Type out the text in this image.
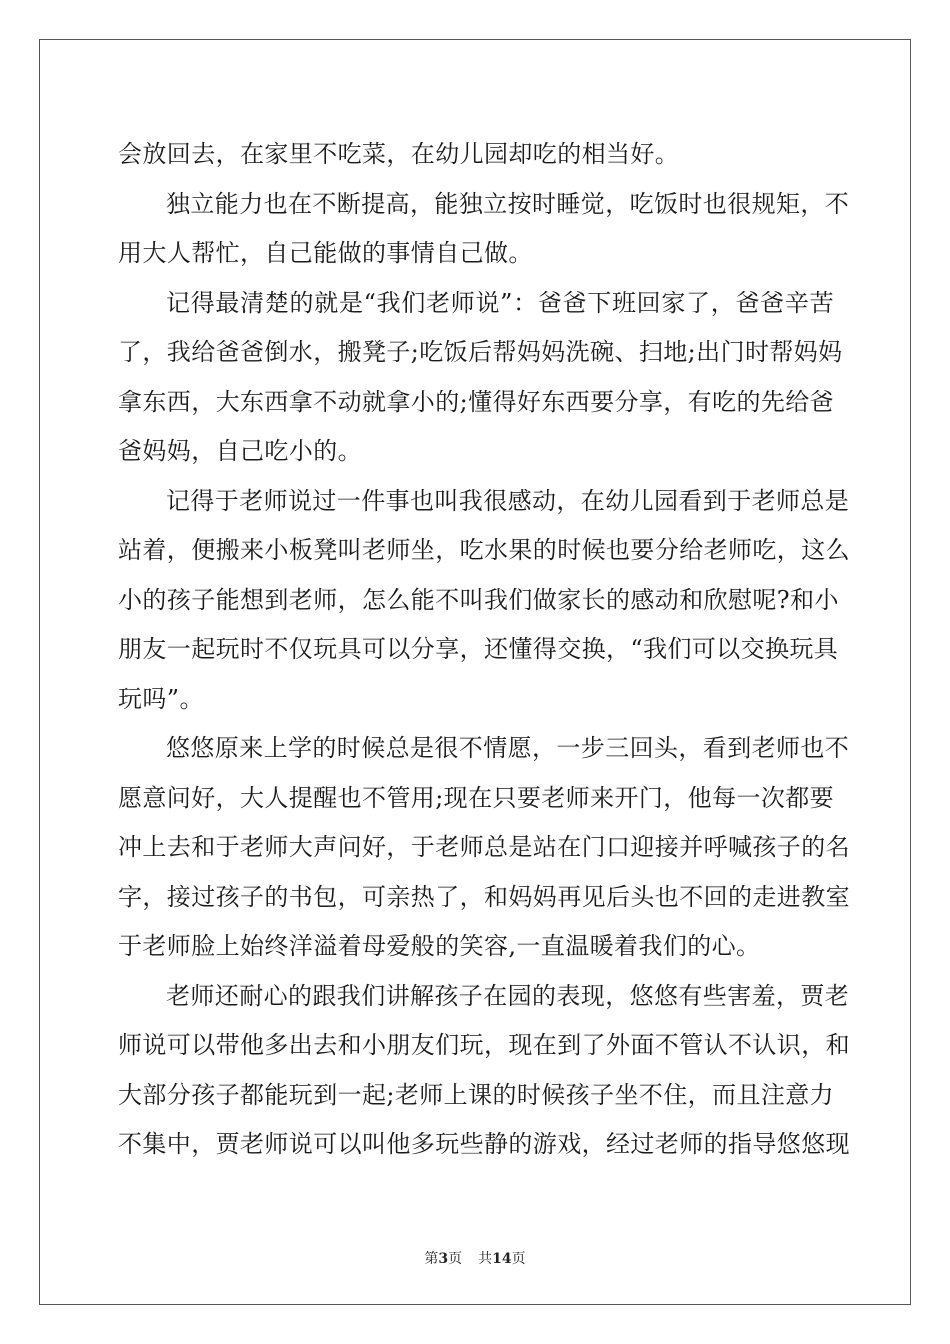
会放回去，在家里不吃菜，在幼儿园却吃的相当好。
独立能力也在不断提高，能独立按时睡觉，吃饭时也很规矩，不
用大人帮忙，自己能做的事情自己做。
记得最清楚的就是“我们老师说”：爸爸下班回家了，爸爸辛苦
了，我给爸爸倒水，搬凳子;吃饭后帮妈妈洗碗、扫地;出门时帮妈妈
拿东西，大东西拿不动就拿小的;懂得好东西要分享，有吃的先给爸
爸妈妈，自己吃小的。
记得于老师说过一件事也叫我很感动，在幼儿园看到于老师总是
站着，便搬来小板凳叫老师坐，吃水果的时候也要分给老师吃，这么
小的孩子能想到老师，怎么能不叫我们做家长的感动和欣慰呢?和小
朋友一起玩时不仅玩具可以分享，还懂得交换，“我们可以交换玩具
玩吗”。
悠悠原来上学的时候总是很不情愿，一步三回头，看到老师也不
愿意问好，大人提醒也不管用;现在只要老师来开门，他每一次都要
冲上去和于老师大声问好，于老师总是站在门口迎接并呼喊孩子的名
字，接过孩子的书包，可亲热了，和妈妈再见后头也不回的走进教室
于老师脸上始终洋溢着母爱般的笑容,一直温暖着我们的心。
老师还耐心的跟我们讲解孩子在园的表现，悠悠有些害羞，贾老
师说可以带他多出去和小朋友们玩，现在到了外面不管认不认识，和
大部分孩子都能玩到一起;老师上课的时候孩子坐不住，而且注意力
不集中，贾老师说可以叫他多玩些静的游戏，经过老师的指导悠悠现
第3页 共14页
